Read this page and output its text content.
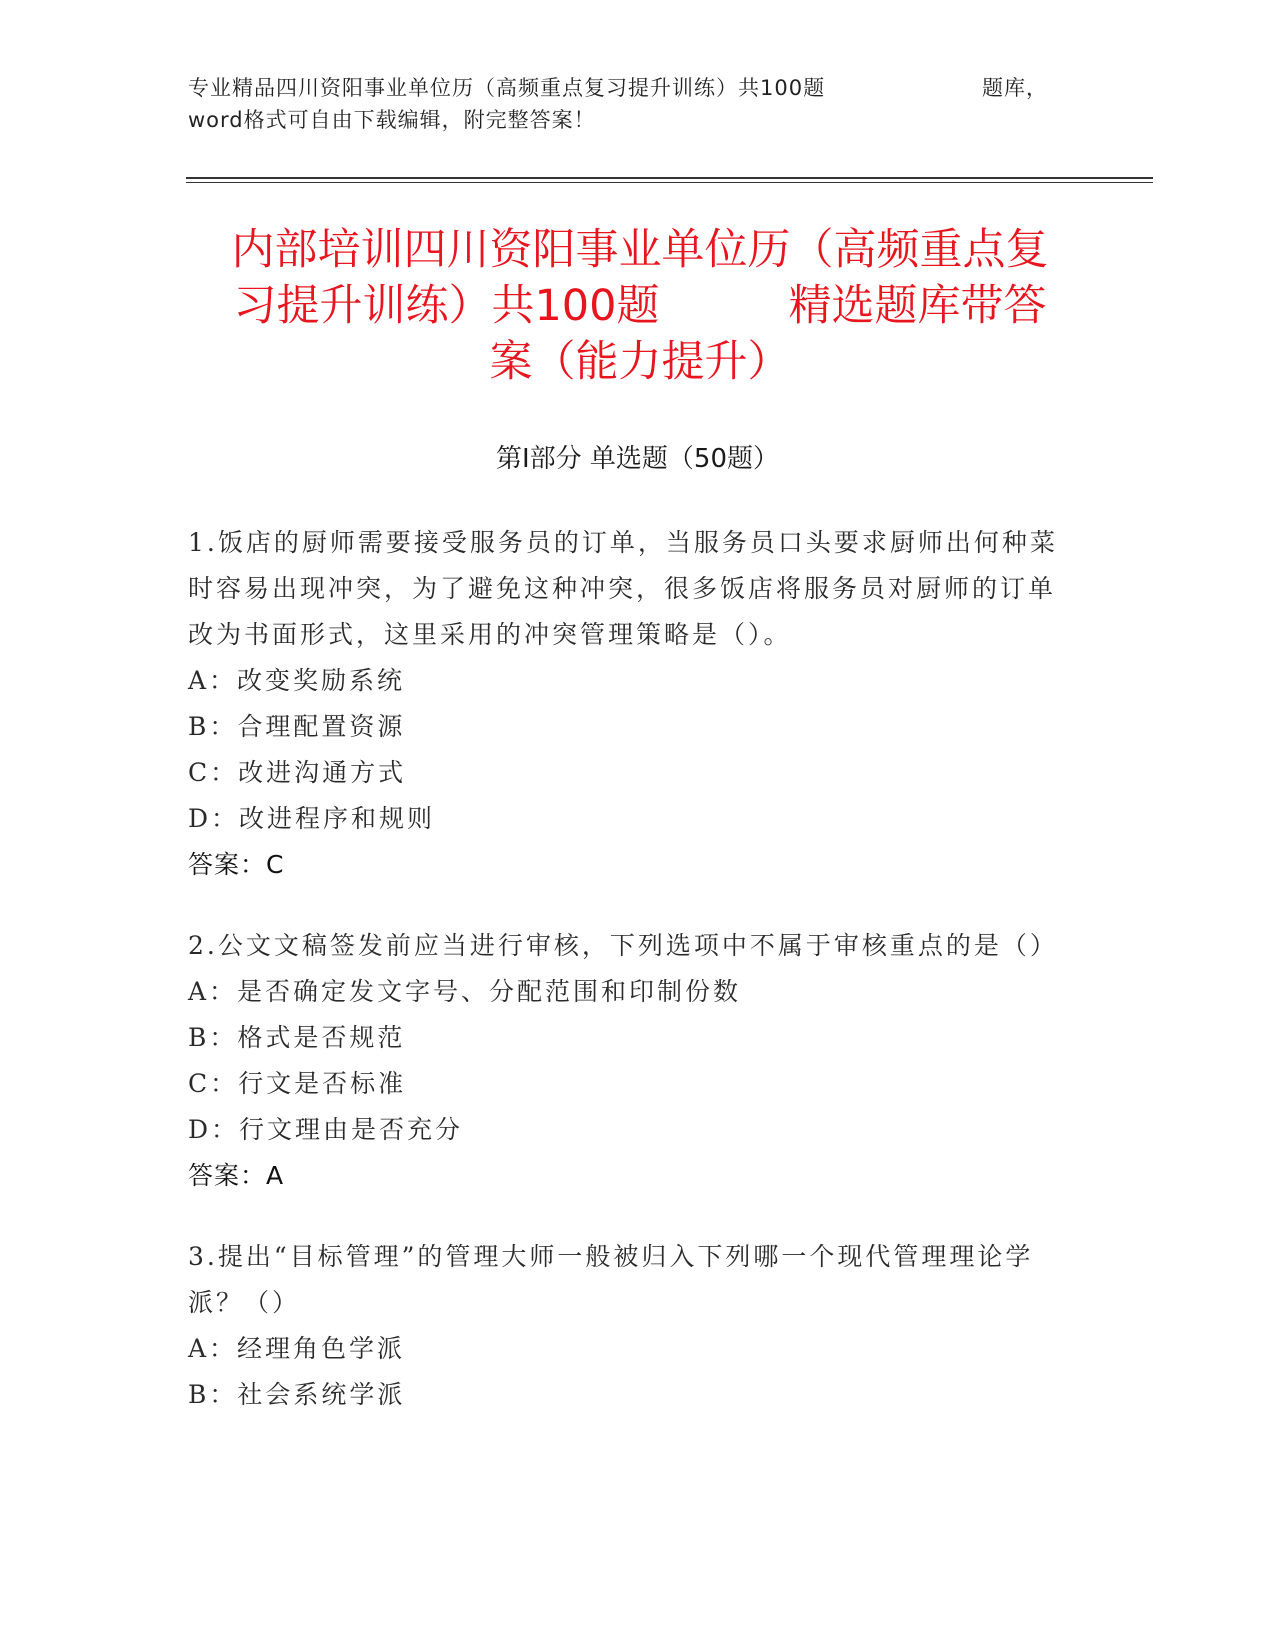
专业精品四川资阳事业单位历（高频重点复习提升训练）共100题	题库，
word格式可自由下载编辑，附完整答案！
内部培训四川资阳事业单位历（高频重点复
习提升训练）共100题　　　精选题库带答
案（能力提升）
第Ⅰ部分 单选题（50题）
1.饭店的厨师需要接受服务员的订单，当服务员口头要求厨师出何种菜时容易出现冲突，为了避免这种冲突，很多饭店将服务员对厨师的订单改为书面形式，这里采用的冲突管理策略是（）。
A：改变奖励系统
B：合理配置资源
C：改进沟通方式
D：改进程序和规则
答案：C
2.公文文稿签发前应当进行审核，下列选项中不属于审核重点的是（）
A：是否确定发文字号、分配范围和印制份数
B：格式是否规范
C：行文是否标准
D：行文理由是否充分
答案：A
3.提出“目标管理”的管理大师一般被归入下列哪一个现代管理理论学派？（）
A：经理角色学派
B：社会系统学派
